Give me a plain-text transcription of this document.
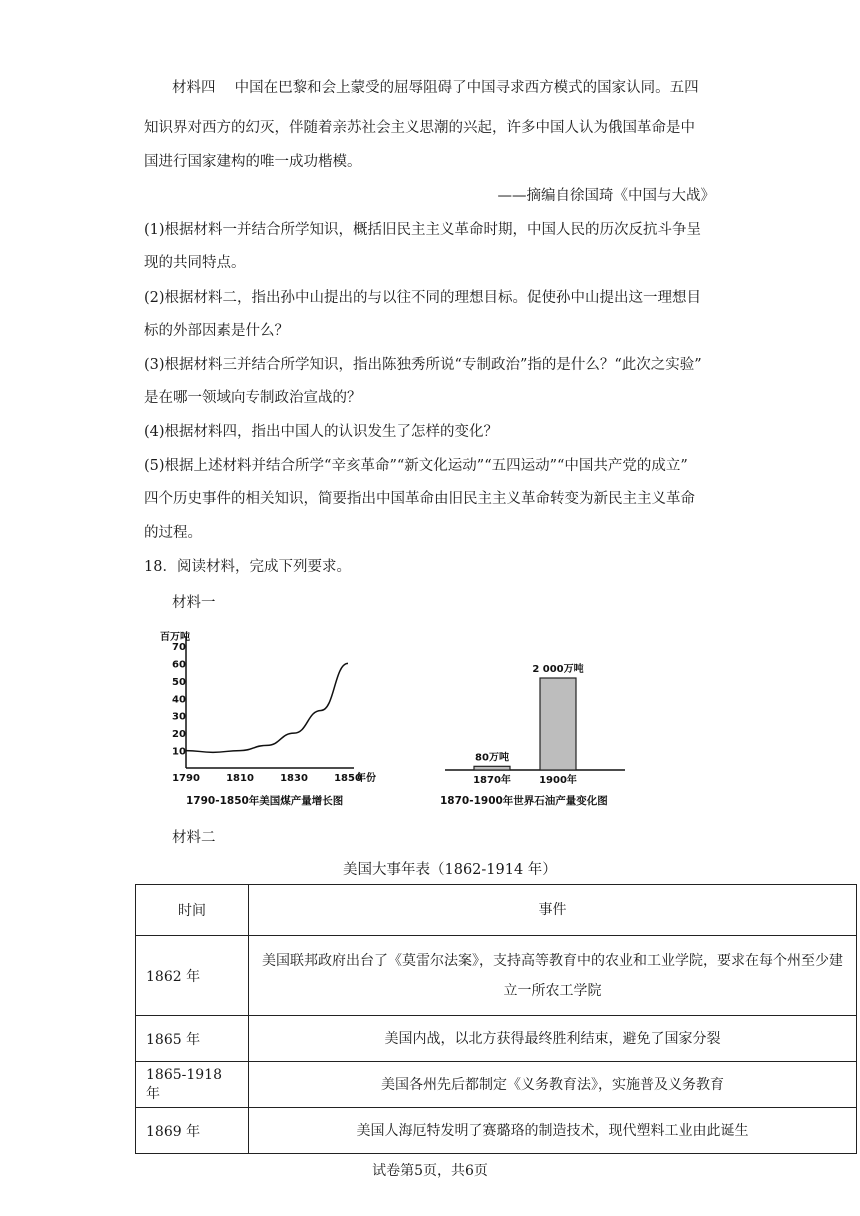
材料四　 中国在巴黎和会上蒙受的屈辱阻碍了中国寻求西方模式的国家认同。五四
知识界对西方的幻灭，伴随着亲苏社会主义思潮的兴起，许多中国人认为俄国革命是中
国进行国家建构的唯一成功楷模。
——摘编自徐国琦《中国与大战》
(1)根据材料一并结合所学知识，概括旧民主主义革命时期，中国人民的历次反抗斗争呈
现的共同特点。
(2)根据材料二，指出孙中山提出的与以往不同的理想目标。促使孙中山提出这一理想目
标的外部因素是什么？
(3)根据材料三并结合所学知识，指出陈独秀所说“专制政治”指的是什么？“此次之实验”
是在哪一领域向专制政治宣战的？
(4)根据材料四，指出中国人的认识发生了怎样的变化？
(5)根据上述材料并结合所学“辛亥革命”“新文化运动”“五四运动”“中国共产党的成立”
四个历史事件的相关知识，简要指出中国革命由旧民主主义革命转变为新民主主义革命
的过程。
18．阅读材料，完成下列要求。
材料一
百万吨
10
20
30
40
50
60
70
1790	1810	1830	1850
年份
1790-1850年美国煤产量增长图
80万吨
1870年
2 000万吨
1900年
1870-1900年世界石油产量变化图
材料二
美国大事年表（1862-1914 年）
时间	事件
1862 年	美国联邦政府出台了《莫雷尔法案》，支持高等教育中的农业和工业学院，要求在每个州至少建立一所农工学院
1865 年	美国内战，以北方获得最终胜利结束，避免了国家分裂
1865-1918 年	美国各州先后都制定《义务教育法》，实施普及义务教育
1869 年	美国人海厄特发明了赛璐珞的制造技术，现代塑料工业由此诞生
试卷第5页，共6页
